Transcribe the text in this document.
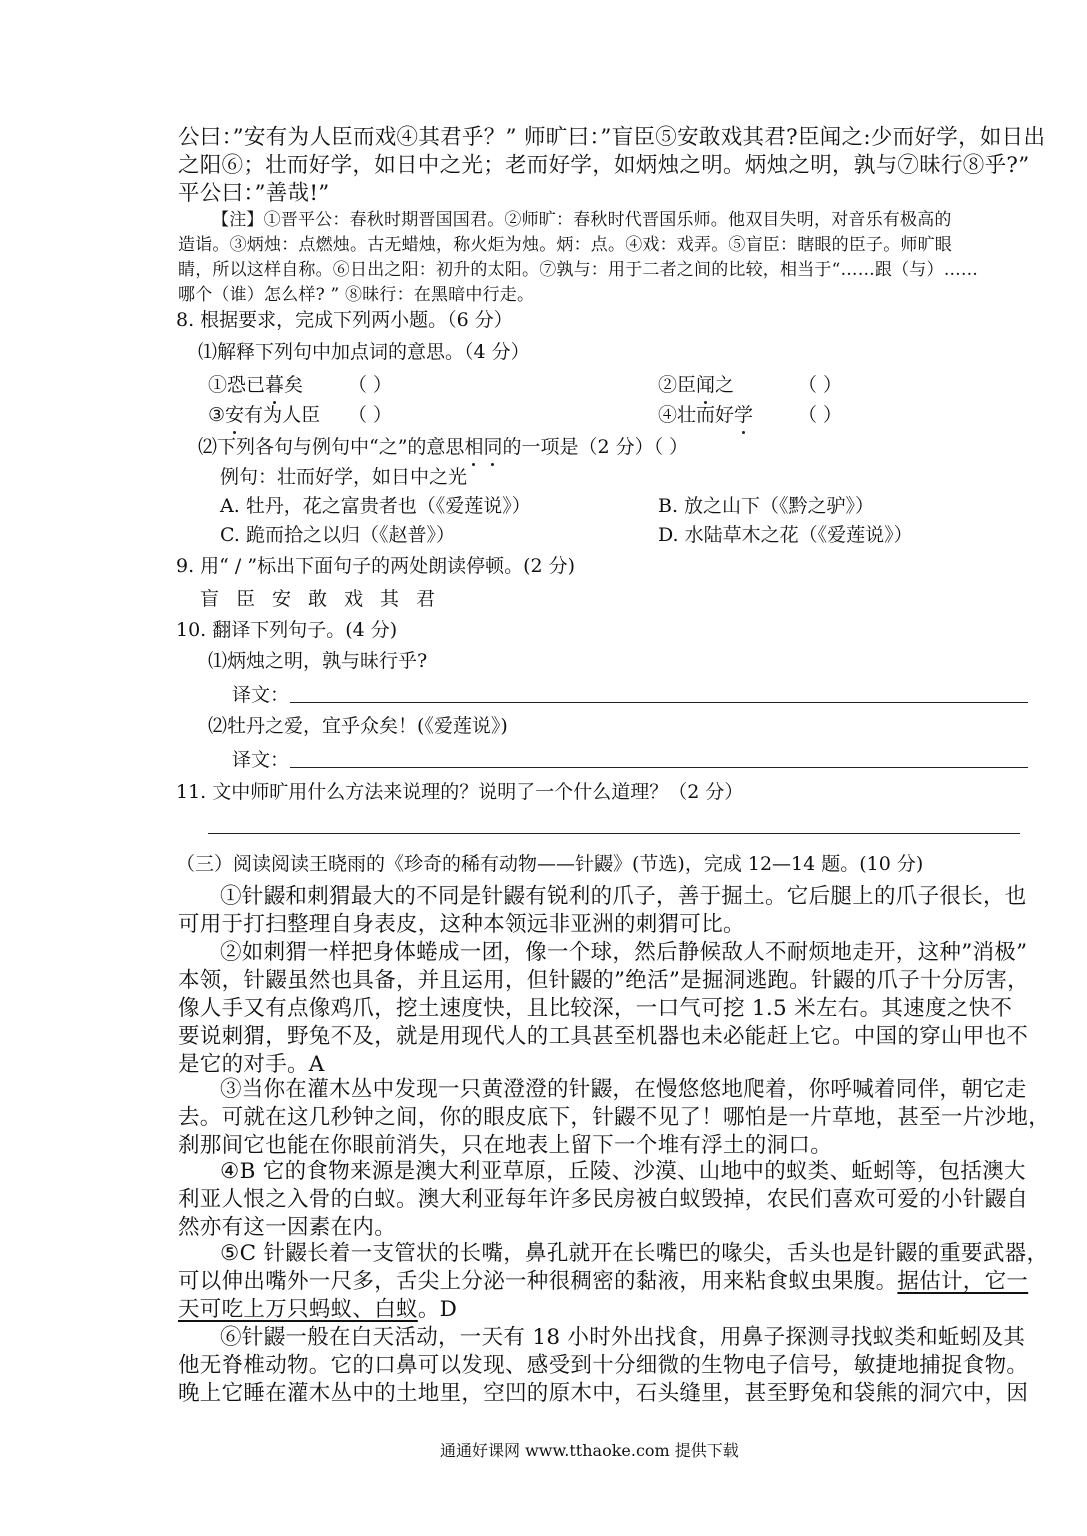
公曰：”安有为人臣而戏④其君乎？” 师旷曰：”盲臣⑤安敢戏其君?臣闻之:少而好学，如日出
之阳⑥；壮而好学，如日中之光；老而好学，如炳烛之明。炳烛之明，孰与⑦昧行⑧乎?”
平公曰：”善哉!”
【注】①晋平公：春秋时期晋国国君。②师旷：春秋时代晋国乐师。他双目失明，对音乐有极高的
造诣。③炳烛：点燃烛。古无蜡烛，称火炬为烛。炳：点。④戏：戏弄。⑤盲臣：瞎眼的臣子。师旷眼
睛，所以这样自称。⑥日出之阳：初升的太阳。⑦孰与：用于二者之间的比较，相当于“……跟（与）……
哪个（谁）怎么样? ” ⑧昧行：在黑暗中行走。
8. 根据要求，完成下列两小题。（6 分）
⑴解释下列句中加点词的意思。（4 分）
①恐已暮矣 （ ）	②臣闻之	（ ）
③安有为人臣 （ ）	④壮而好学 （ ）
⑵下列各句与例句中“之”的意思相同的一项是（2 分）（ ）
例句：壮而好学，如日中之光
A. 牡丹，花之富贵者也（《爱莲说》）	B. 放之山下（《黔之驴》）
C. 跪而拾之以归（《赵普》）	D. 水陆草木之花（《爱莲说》）
9. 用“ / ”标出下面句子的两处朗读停顿。(2 分)
盲臣安敢戏其君
10. 翻译下列句子。(4 分)
⑴炳烛之明，孰与昧行乎?
译文：
⑵牡丹之爱，宜乎众矣！(《爱莲说》)
译文：
11. 文中师旷用什么方法来说理的？说明了一个什么道理？（2 分）
（三）阅读阅读王晓雨的《珍奇的稀有动物——针鼹》(节选)，完成 12—14 题。(10 分)
①针鼹和刺猬最大的不同是针鼹有锐利的爪子，善于掘土。它后腿上的爪子很长，也
可用于打扫整理自身表皮，这种本领远非亚洲的刺猬可比。
②如刺猬一样把身体蜷成一团，像一个球，然后静候敌人不耐烦地走开，这种”消极”
本领，针鼹虽然也具备，并且运用，但针鼹的”绝活”是掘洞逃跑。针鼹的爪子十分厉害，
像人手又有点像鸡爪，挖土速度快，且比较深，一口气可挖 1.5 米左右。其速度之快不
要说刺猬，野兔不及，就是用现代人的工具甚至机器也未必能赶上它。中国的穿山甲也不
是它的对手。A
③当你在灌木丛中发现一只黄澄澄的针鼹，在慢悠悠地爬着，你呼喊着同伴，朝它走
去。可就在这几秒钟之间，你的眼皮底下，针鼹不见了！哪怕是一片草地，甚至一片沙地，
刹那间它也能在你眼前消失，只在地表上留下一个堆有浮土的洞口。
④B 它的食物来源是澳大利亚草原，丘陵、沙漠、山地中的蚁类、蚯蚓等，包括澳大
利亚人恨之入骨的白蚁。澳大利亚每年许多民房被白蚁毁掉，农民们喜欢可爱的小针鼹自
然亦有这一因素在内。
⑤C 针鼹长着一支管状的长嘴，鼻孔就开在长嘴巴的喙尖，舌头也是针鼹的重要武器，
可以伸出嘴外一尺多，舌尖上分泌一种很稠密的黏液，用来粘食蚁虫果腹。据估计，它一
天可吃上万只蚂蚁、白蚁。D
⑥针鼹一般在白天活动，一天有 18 小时外出找食，用鼻子探测寻找蚁类和蚯蚓及其
他无脊椎动物。它的口鼻可以发现、感受到十分细微的生物电子信号，敏捷地捕捉食物。
晚上它睡在灌木丛中的土地里，空凹的原木中，石头缝里，甚至野兔和袋熊的洞穴中，因
通通好课网 www.tthaoke.com 提供下载
